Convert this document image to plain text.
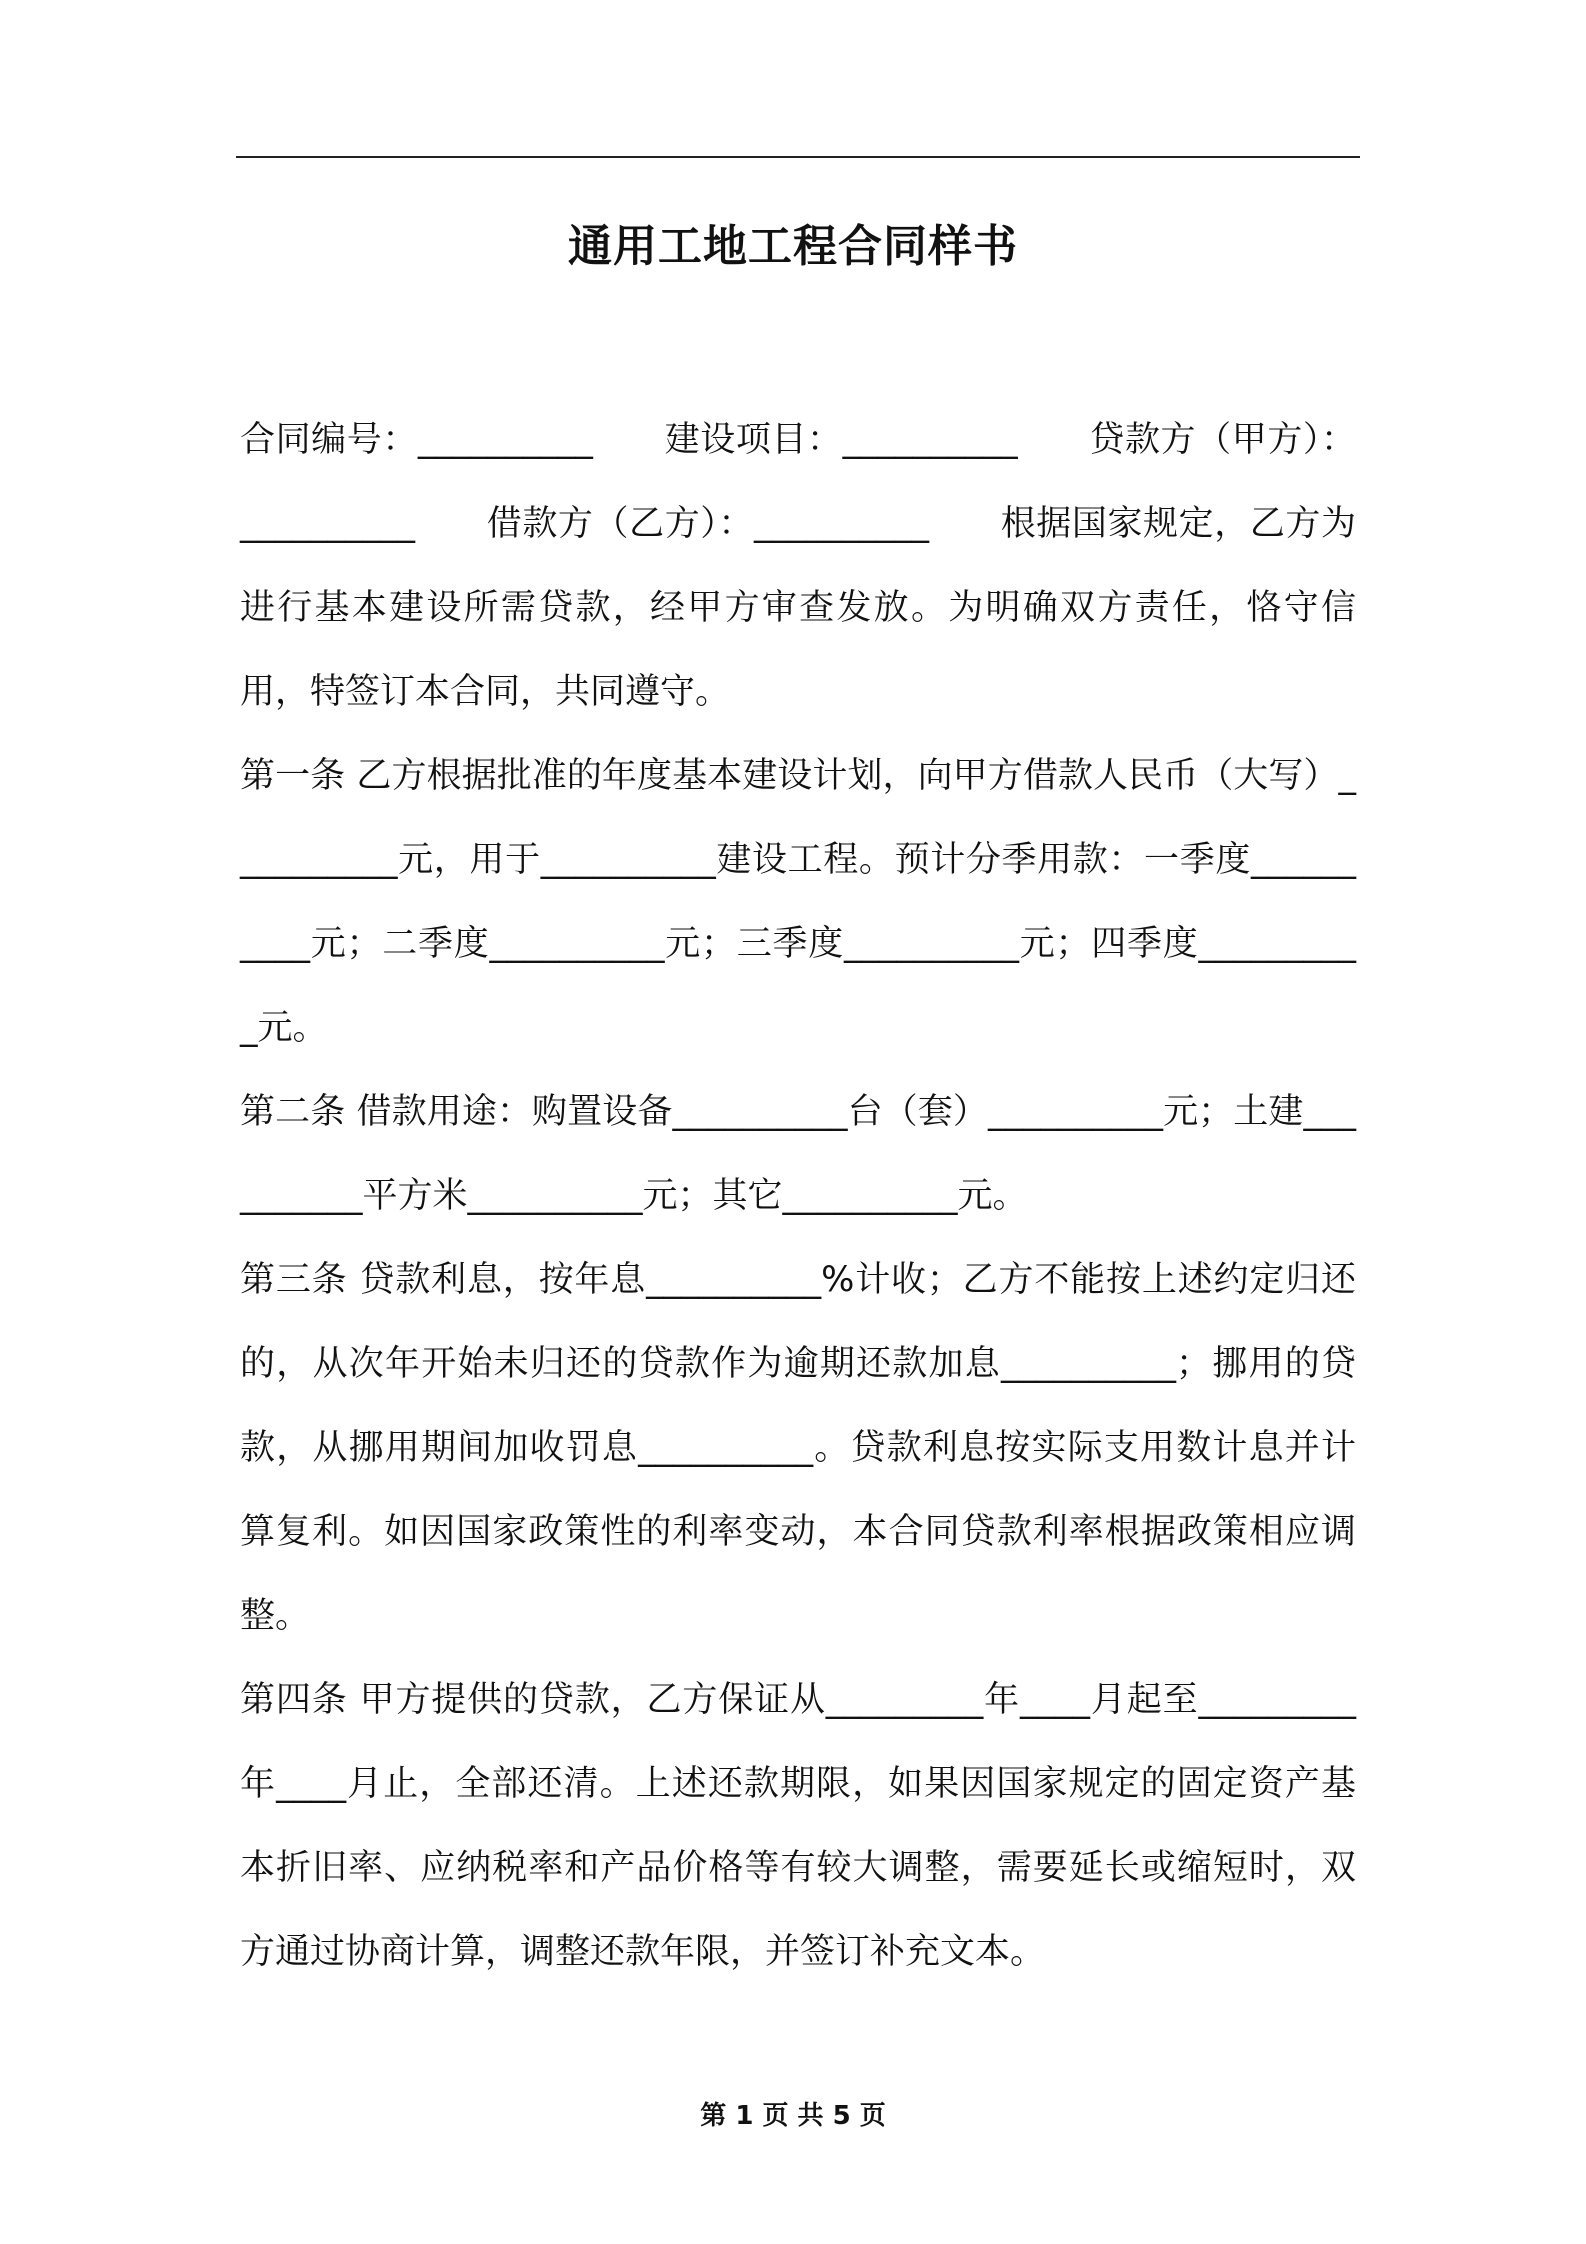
通用工地工程合同样书

合同编号：__________　　建设项目：__________　　贷款方（甲方）：__________　　借款方（乙方）：__________　　根据国家规定，乙方为进行基本建设所需贷款，经甲方审查发放。为明确双方责任，恪守信用，特签订本合同，共同遵守。

第一条 乙方根据批准的年度基本建设计划，向甲方借款人民币（大写）__________元，用于__________建设工程。预计分季用款：一季度__________元；二季度__________元；三季度__________元；四季度__________元。

第二条 借款用途：购置设备__________台（套）__________元；土建__________平方米__________元；其它__________元。

第三条 贷款利息，按年息__________%计收；乙方不能按上述约定归还的，从次年开始未归还的贷款作为逾期还款加息__________；挪用的贷款，从挪用期间加收罚息__________。贷款利息按实际支用数计息并计算复利。如因国家政策性的利率变动，本合同贷款利率根据政策相应调整。

第四条 甲方提供的贷款，乙方保证从_________年____月起至_________年____月止，全部还清。上述还款期限，如果因国家规定的固定资产基本折旧率、应纳税率和产品价格等有较大调整，需要延长或缩短时，双方通过协商计算，调整还款年限，并签订补充文本。

第 1 页 共 5 页
